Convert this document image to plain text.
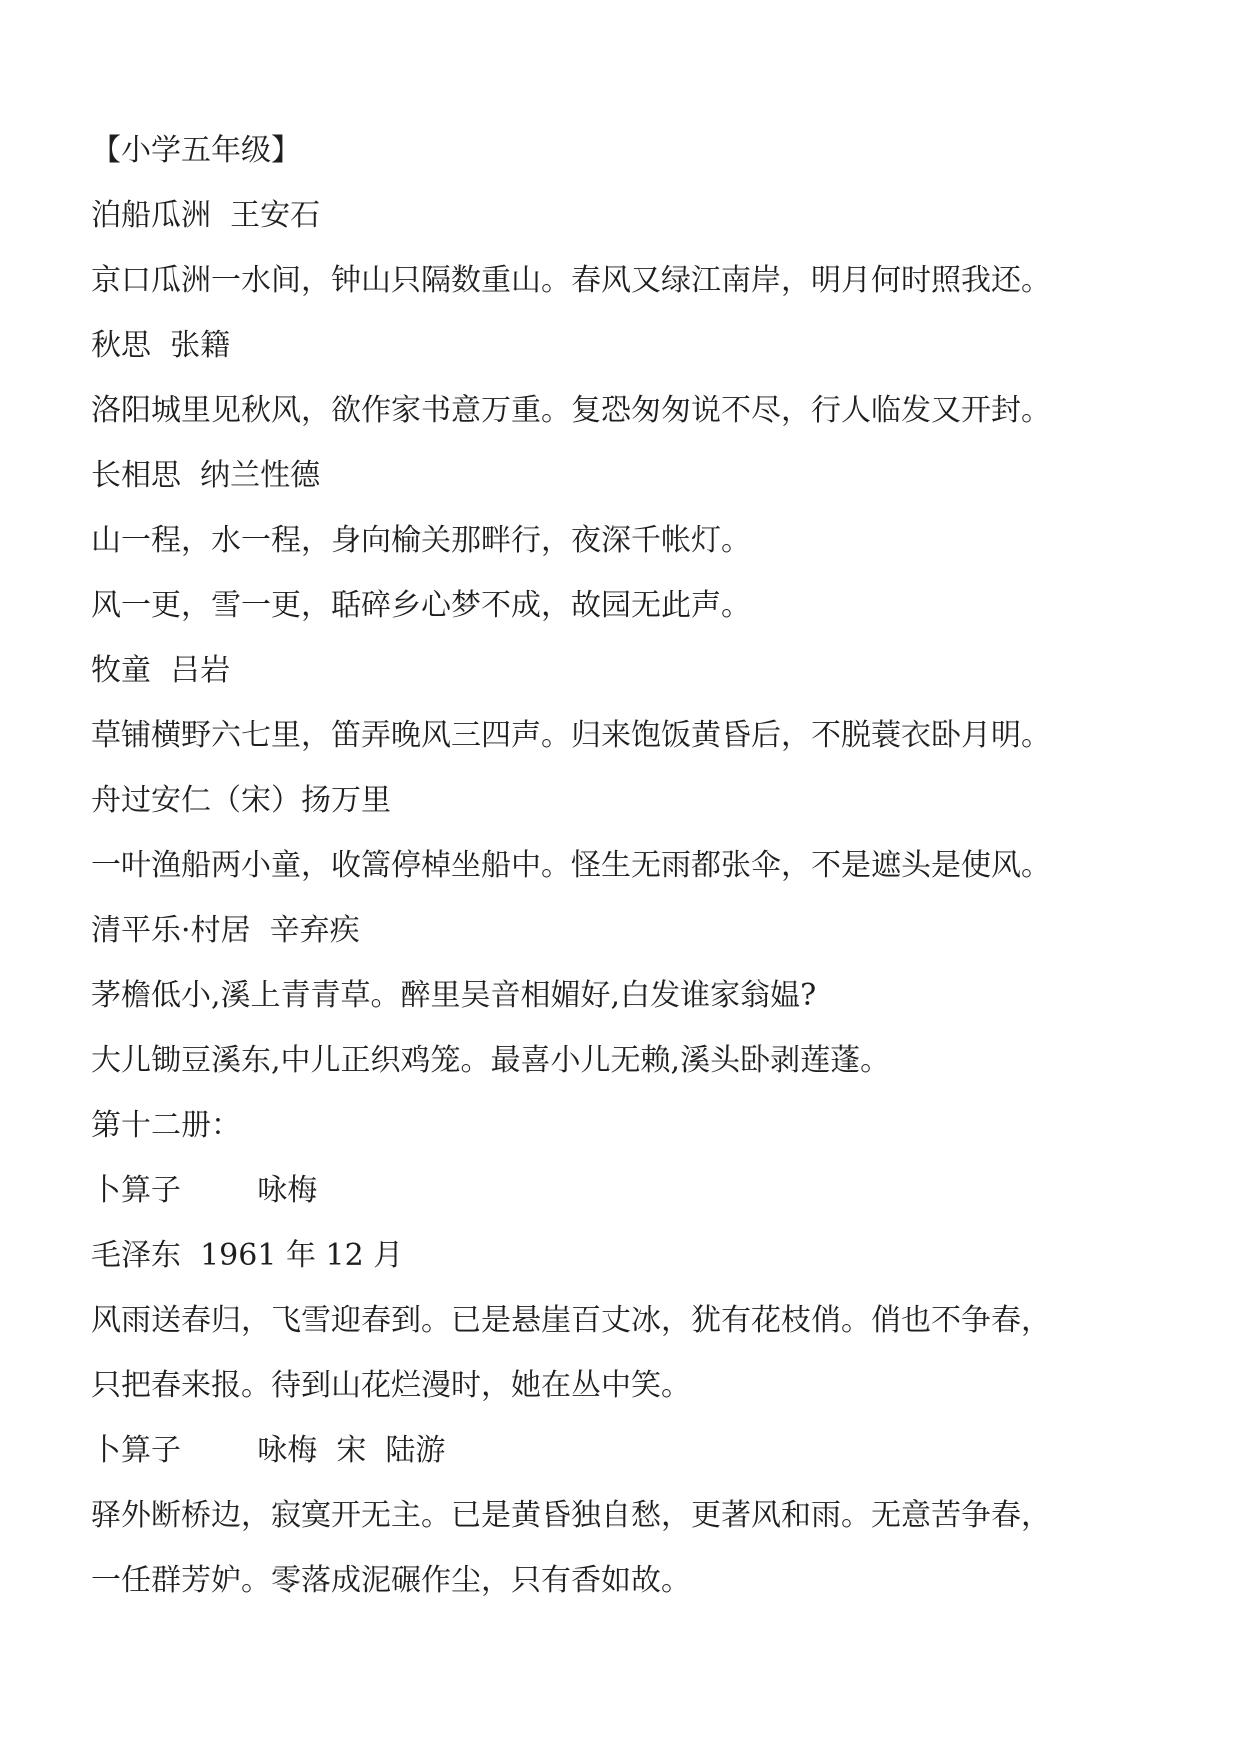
【小学五年级】

泊船瓜洲  王安石

京口瓜洲一水间，钟山只隔数重山。春风又绿江南岸，明月何时照我还。

秋思  张籍

洛阳城里见秋风，欲作家书意万重。复恐匆匆说不尽，行人临发又开封。

长相思  纳兰性德

山一程，水一程，身向榆关那畔行，夜深千帐灯。

风一更，雪一更，聒碎乡心梦不成，故园无此声。

牧童  吕岩

草铺横野六七里，笛弄晚风三四声。归来饱饭黄昏后，不脱蓑衣卧月明。

舟过安仁（宋）扬万里

一叶渔船两小童，收篙停棹坐船中。怪生无雨都张伞，不是遮头是使风。

清平乐·村居  辛弃疾

茅檐低小,溪上青青草。醉里吴音相媚好,白发谁家翁媪?

大儿锄豆溪东,中儿正织鸡笼。最喜小儿无赖,溪头卧剥莲蓬。

第十二册：

卜算子        咏梅

毛泽东  1961 年 12 月

风雨送春归，飞雪迎春到。已是悬崖百丈冰，犹有花枝俏。俏也不争春，

只把春来报。待到山花烂漫时，她在丛中笑。

卜算子        咏梅  宋  陆游

驿外断桥边，寂寞开无主。已是黄昏独自愁，更著风和雨。无意苦争春，

一任群芳妒。零落成泥碾作尘，只有香如故。
